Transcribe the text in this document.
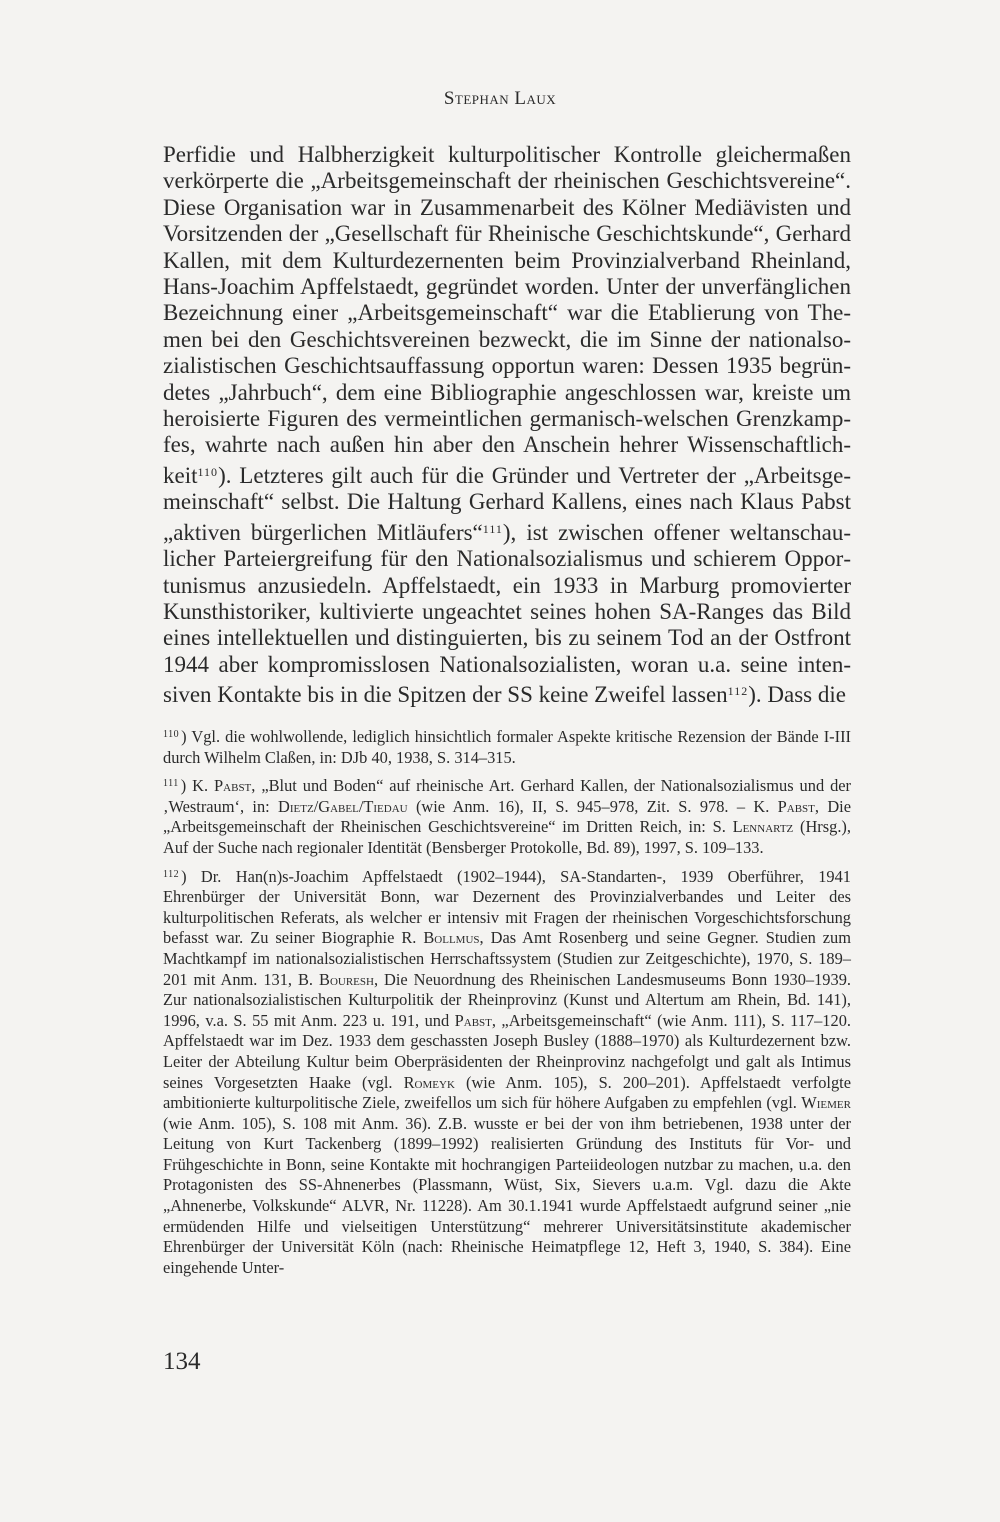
Stephan Laux

Perfidie und Halbherzigkeit kulturpolitischer Kontrolle gleichermaßen verkörperte die „Arbeitsgemeinschaft der rheinischen Geschichtsvereine“. Diese Organisation war in Zusammenarbeit des Kölner Mediävisten und Vorsitzenden der „Gesellschaft für Rheinische Geschichtskunde“, Gerhard Kallen, mit dem Kulturdezernenten beim Provinzialverband Rheinland, Hans-Joachim Apffelstaedt, gegründet worden. Unter der unverfänglichen Bezeichnung einer „Arbeitsgemeinschaft“ war die Etablierung von Themen bei den Geschichtsvereinen bezweckt, die im Sinne der nationalsozialistischen Geschichtsauffassung opportun waren: Dessen 1935 begründetes „Jahrbuch“, dem eine Bibliographie angeschlossen war, kreiste um heroisierte Figuren des vermeintlichen germanisch-welschen Grenzkampfes, wahrte nach außen hin aber den Anschein hehrer Wissenschaftlichkeit$^{110}$). Letzteres gilt auch für die Gründer und Vertreter der „Arbeitsgemeinschaft“ selbst. Die Haltung Gerhard Kallens, eines nach Klaus Pabst „aktiven bürgerlichen Mitläufers“$^{111}$), ist zwischen offener weltanschaulicher Parteiergreifung für den Nationalsozialismus und schierem Opportunismus anzusiedeln. Apffelstaedt, ein 1933 in Marburg promovierter Kunsthistoriker, kultivierte ungeachtet seines hohen SA-Ranges das Bild eines intellektuellen und distinguierten, bis zu seinem Tod an der Ostfront 1944 aber kompromisslosen Nationalsozialisten, woran u.a. seine intensiven Kontakte bis in die Spitzen der SS keine Zweifel lassen$^{112}$). Dass die

$^{110}$ ) Vgl. die wohlwollende, lediglich hinsichtlich formaler Aspekte kritische Rezension der Bände I-III durch Wilhelm Claßen, in: DJb 40, 1938, S. 314–315.

$^{111}$ ) K. Pabst, „Blut und Boden“ auf rheinische Art. Gerhard Kallen, der Nationalsozialismus und der ‚Westraum‘, in: Dietz/Gabel/Tiedau (wie Anm. 16), II, S. 945–978, Zit. S. 978. – K. Pabst, Die „Arbeitsgemeinschaft der Rheinischen Geschichtsvereine“ im Dritten Reich, in: S. Lennartz (Hrsg.), Auf der Suche nach regionaler Identität (Bensberger Protokolle, Bd. 89), 1997, S. 109–133.

$^{112}$ ) Dr. Han(n)s-Joachim Apffelstaedt (1902–1944), SA-Standarten-, 1939 Oberführer, 1941 Ehrenbürger der Universität Bonn, war Dezernent des Provinzialverbandes und Leiter des kulturpolitischen Referats, als welcher er intensiv mit Fragen der rheinischen Vorgeschichtsforschung befasst war. Zu seiner Biographie R. Bollmus, Das Amt Rosenberg und seine Gegner. Studien zum Machtkampf im nationalsozialistischen Herrschaftssystem (Studien zur Zeitgeschichte), 1970, S. 189–201 mit Anm. 131, B. Bouresh, Die Neuordnung des Rheinischen Landesmuseums Bonn 1930–1939. Zur nationalsozialistischen Kulturpolitik der Rheinprovinz (Kunst und Altertum am Rhein, Bd. 141), 1996, v.a. S. 55 mit Anm. 223 u. 191, und Pabst, „Arbeitsgemeinschaft“ (wie Anm. 111), S. 117–120. Apffelstaedt war im Dez. 1933 dem geschassten Joseph Busley (1888–1970) als Kulturdezernent bzw. Leiter der Abteilung Kultur beim Oberpräsidenten der Rheinprovinz nachgefolgt und galt als Intimus seines Vorgesetzten Haake (vgl. Romeyk (wie Anm. 105), S. 200–201). Apffelstaedt verfolgte ambitionierte kulturpolitische Ziele, zweifellos um sich für höhere Aufgaben zu empfehlen (vgl. Wiemer (wie Anm. 105), S. 108 mit Anm. 36). Z.B. wusste er bei der von ihm betriebenen, 1938 unter der Leitung von Kurt Tackenberg (1899–1992) realisierten Gründung des Instituts für Vor- und Frühgeschichte in Bonn, seine Kontakte mit hochrangigen Parteiideologen nutzbar zu machen, u.a. den Protagonisten des SS-Ahnenerbes (Plassmann, Wüst, Six, Sievers u.a.m. Vgl. dazu die Akte „Ahnenerbe, Volkskunde“ ALVR, Nr. 11228). Am 30.1.1941 wurde Apffelstaedt aufgrund seiner „nie ermüdenden Hilfe und vielseitigen Unterstützung“ mehrerer Universitätsinstitute akademischer Ehrenbürger der Universität Köln (nach: Rheinische Heimatpflege 12, Heft 3, 1940, S. 384). Eine eingehende Unter-

134
